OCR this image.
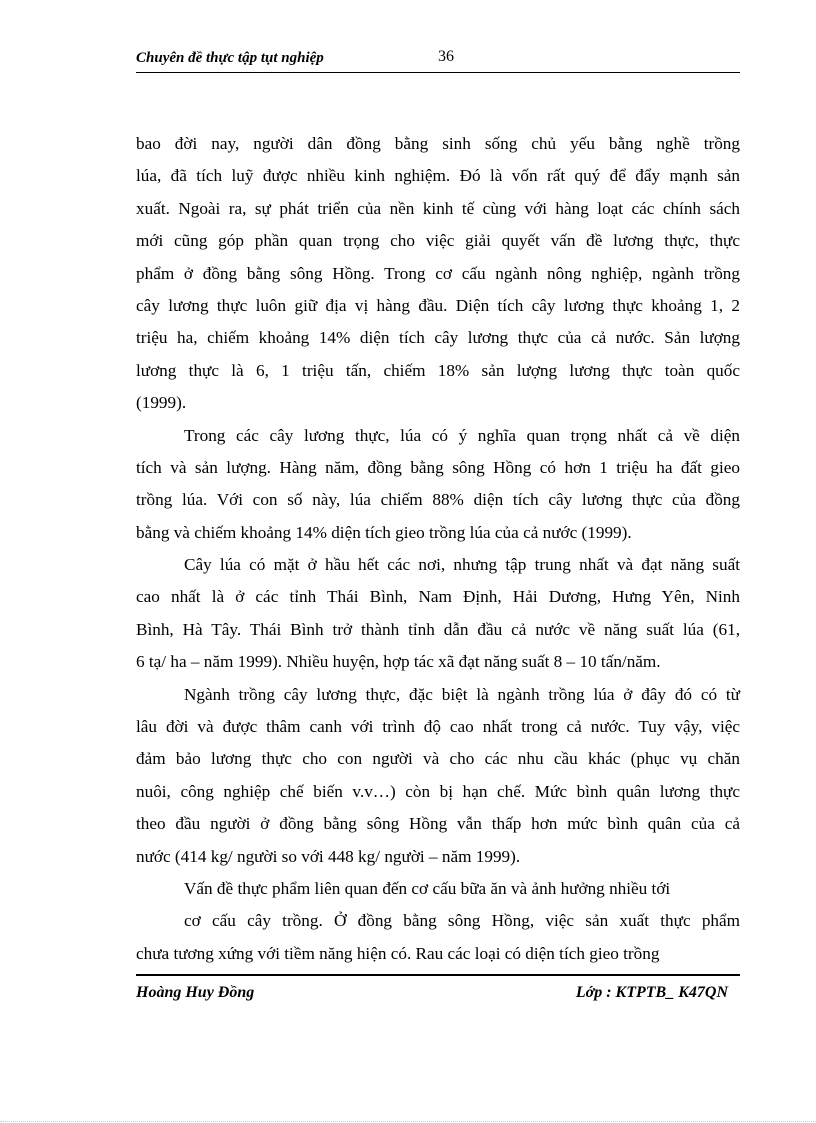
Chuyên đề thực tập tụt nghiệp	36
bao đời nay, người dân đồng bằng sinh sống chủ yếu bằng nghề trồng
lúa, đã tích luỹ được nhiều kinh nghiệm. Đó là vốn rất quý để đẩy mạnh sản
xuất. Ngoài ra, sự phát triển của nền kinh tế cùng với hàng loạt các chính sách
mới cũng góp phần quan trọng cho việc giải quyết vấn đề lương thực, thực
phẩm ở đồng bằng sông Hồng. Trong cơ cấu ngành nông nghiệp, ngành trồng
cây lương thực luôn giữ địa vị hàng đầu. Diện tích cây lương thực khoảng 1, 2
triệu ha, chiếm khoảng 14% diện tích cây lương thực của cả nước. Sản lượng
lương thực là 6, 1 triệu tấn, chiếm 18% sản lượng lương thực toàn quốc
(1999).
Trong các cây lương thực, lúa có ý nghĩa quan trọng nhất cả về diện
tích và sản lượng. Hàng năm, đồng bằng sông Hồng có hơn 1 triệu ha đất gieo
trồng lúa. Với con số này, lúa chiếm 88% diện tích cây lương thực của đồng
bằng và chiếm khoảng 14% diện tích gieo trồng lúa của cả nước (1999).
Cây lúa có mặt ở hầu hết các nơi, nhưng tập trung nhất và đạt năng suất
cao nhất là ở các tỉnh Thái Bình, Nam Định, Hải Dương, Hưng Yên, Ninh
Bình, Hà Tây. Thái Bình trở thành tỉnh dẫn đầu cả nước về năng suất lúa (61,
6 tạ/ ha – năm 1999). Nhiều huyện, hợp tác xã đạt năng suất 8 – 10 tấn/năm.
Ngành trồng cây lương thực, đặc biệt là ngành trồng lúa ở đây đó có từ
lâu đời và được thâm canh với trình độ cao nhất trong cả nước. Tuy vậy, việc
đảm bảo lương thực cho con người và cho các nhu cầu khác (phục vụ chăn
nuôi, công nghiệp chế biến v.v…) còn bị hạn chế. Mức bình quân lương thực
theo đầu người ở đồng bằng sông Hồng vẫn thấp hơn mức bình quân của cả
nước (414 kg/ người so với 448 kg/ người – năm 1999).
Vấn đề thực phẩm liên quan đến cơ cấu bữa ăn và ảnh hưởng nhiều tới
cơ cấu cây trồng. Ở đồng bằng sông Hồng, việc sản xuất thực phẩm
chưa tương xứng với tiềm năng hiện có. Rau các loại có diện tích gieo trồng
Hoàng Huy Đồng	Lớp : KTPTB_ K47QN
